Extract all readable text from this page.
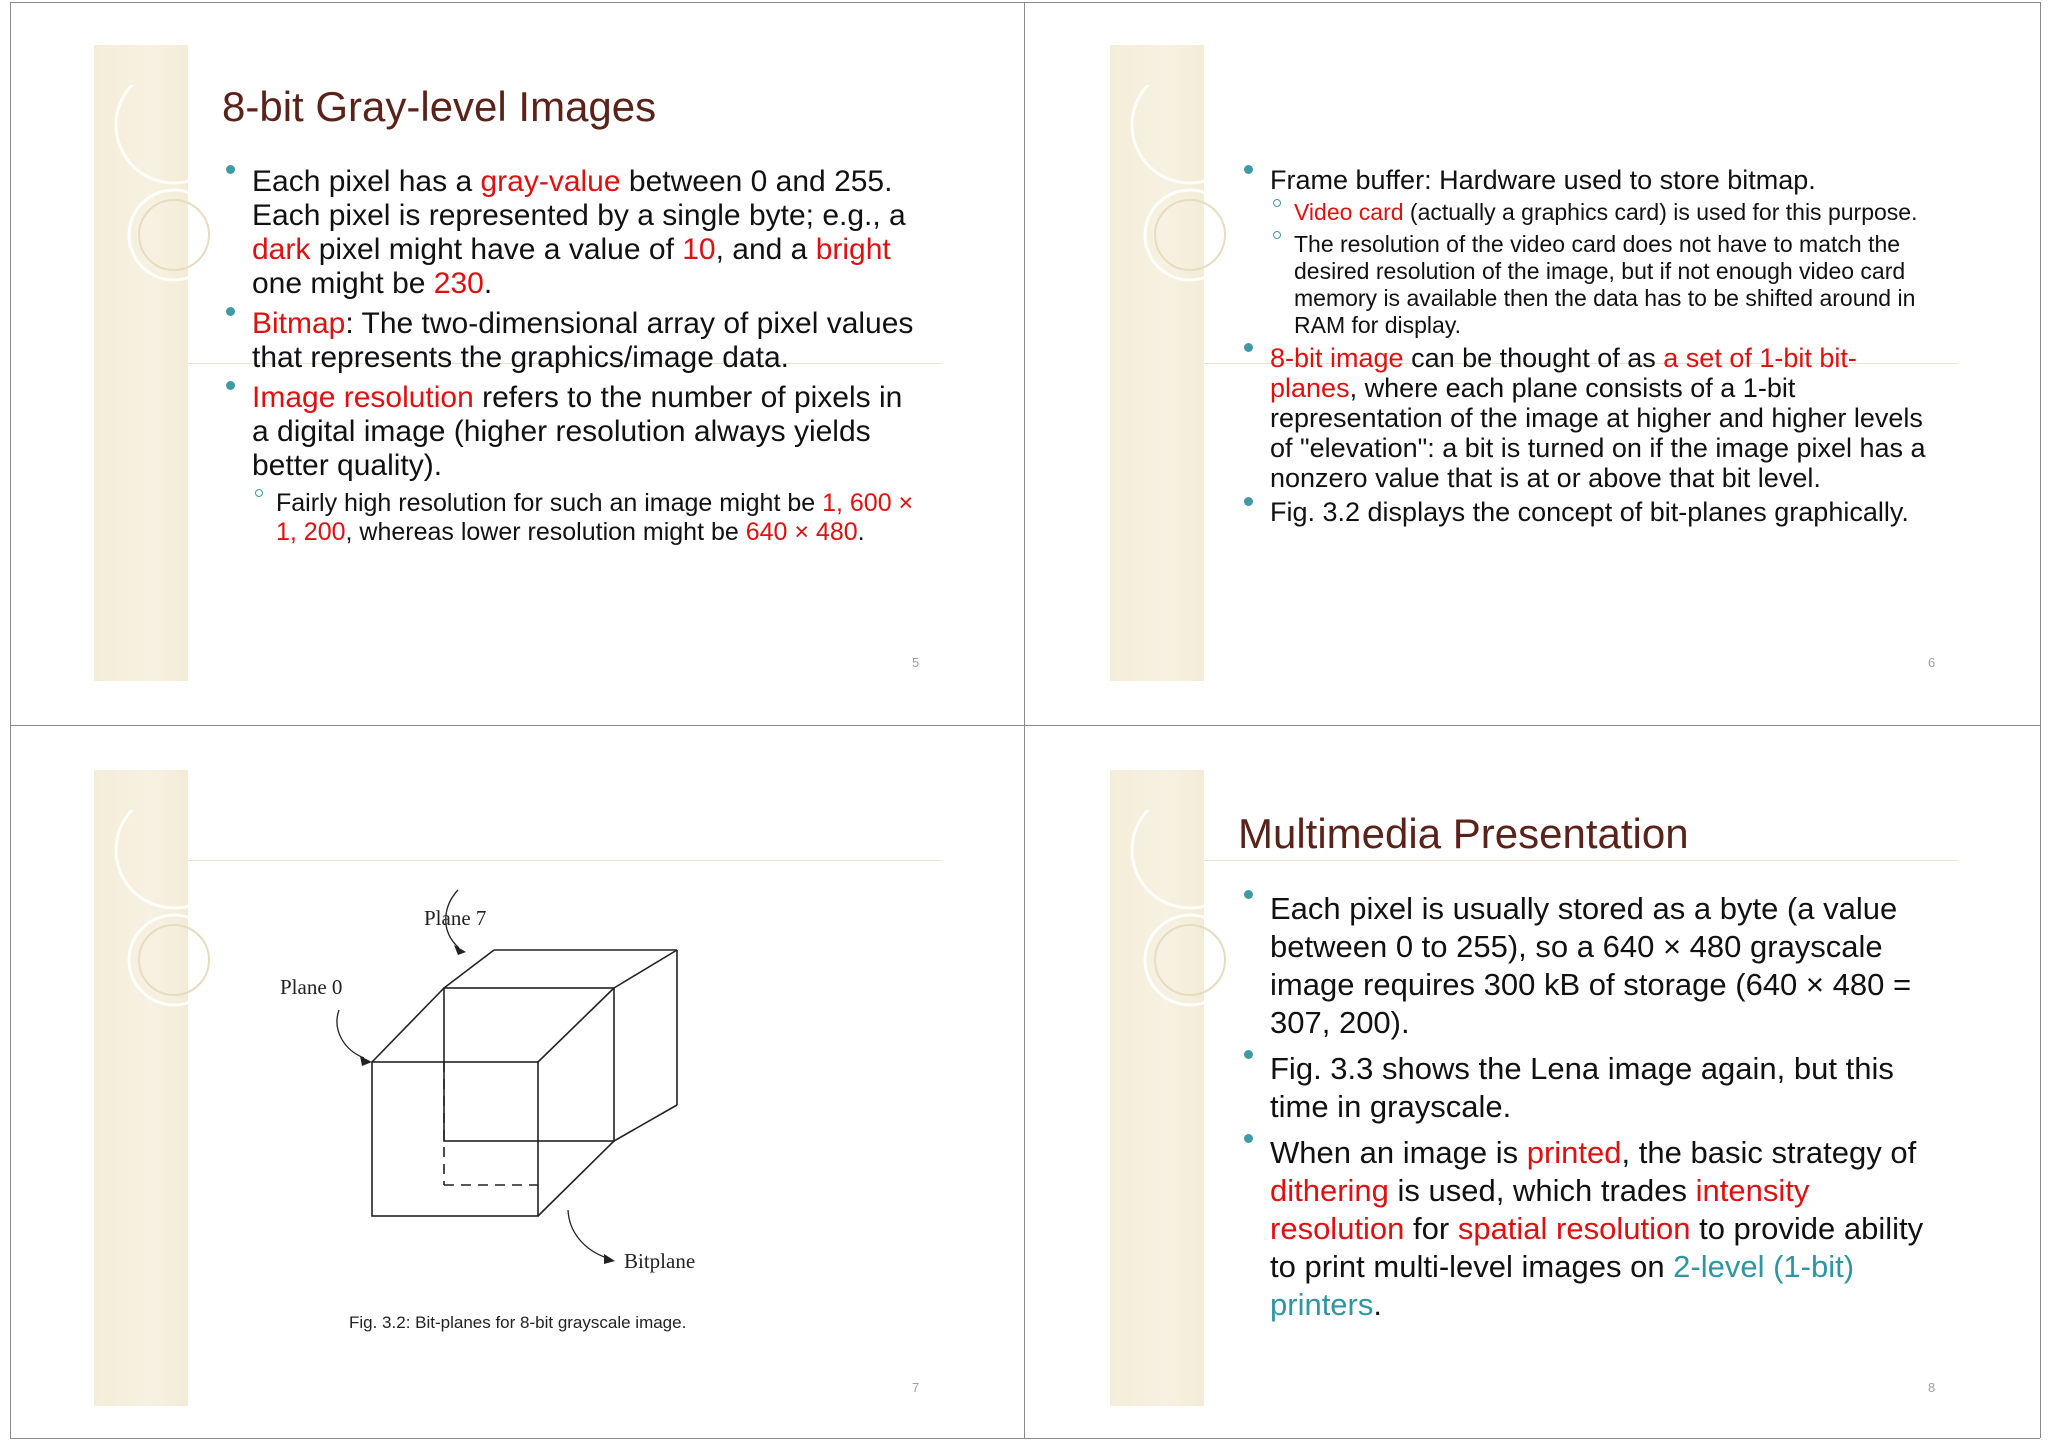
8-bit Gray-level Images
Each pixel has a gray-value between 0 and 255.
Each pixel is represented by a single byte; e.g., a dark pixel might have a value of 10, and a bright one might be 230.
Bitmap: The two-dimensional array of pixel values that represents the graphics/image data.
Image resolution refers to the number of pixels in a digital image (higher resolution always yields better quality).
Fairly high resolution for such an image might be 1, 600 × 1, 200, whereas lower resolution might be 640 × 480.
5
Frame buffer: Hardware used to store bitmap.
Video card (actually a graphics card) is used for this purpose.
The resolution of the video card does not have to match the desired resolution of the image, but if not enough video card memory is available then the data has to be shifted around in RAM for display.
8-bit image can be thought of as a set of 1-bit bit-planes, where each plane consists of a 1-bit representation of the image at higher and higher levels of "elevation": a bit is turned on if the image pixel has a nonzero value that is at or above that bit level.
Fig. 3.2 displays the concept of bit-planes graphically.
6
Plane 7
Plane 0
Bitplane
Fig. 3.2: Bit-planes for 8-bit grayscale image.
7
Multimedia Presentation
Each pixel is usually stored as a byte (a value between 0 to 255), so a 640 × 480 grayscale image requires 300 kB of storage (640 × 480 = 307, 200).
Fig. 3.3 shows the Lena image again, but this time in grayscale.
When an image is printed, the basic strategy of dithering is used, which trades intensity resolution for spatial resolution to provide ability to print multi-level images on 2-level (1-bit) printers.
8
